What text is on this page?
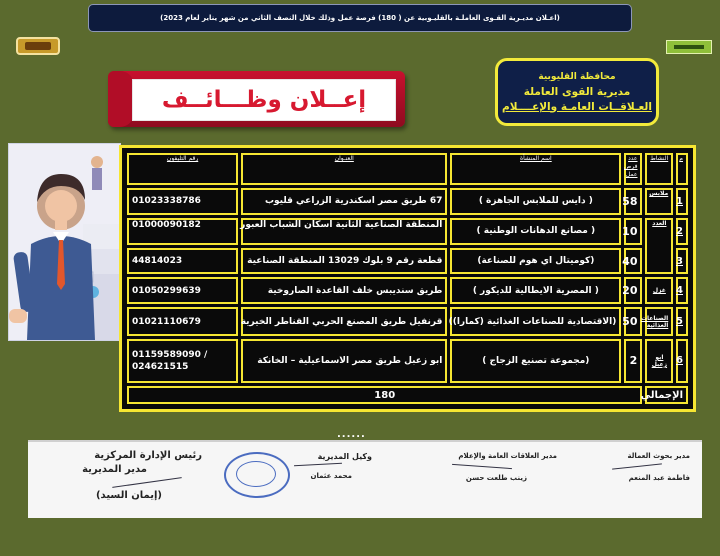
(اعـلان مديـرية القـوى العاملـة بالقليـوبية عن ( 180) فرصة عمل وذلك خلال النصف الثاني من شهر يناير لعام 2023)
محافظة القليوبية
مديرية القوى العاملة
العـلاقــات العامـة والإعــــلام
إعــلان وظـــائــف
م	النشاط	عدد فرص عمل	اسم المنشأة	العنـوان	رقم التليفون
1	ملابس	58	( دايس للملابس الجاهزة )	67 طريق مصر اسكندرية الزراعي قليوب	01023338786
2	العدد	10	( مصانع الدهانات الوطنية )	المنطقة الصناعية الثانية اسكان الشباب العبور	01000090182
3		40	(كوميتال اي هوم للصناعة)	قطعة رقم 9 بلوك 13029 المنطقة الصناعية	44814023
4	غزل	20	( المصرية الايطالية للديكور )	طريق سنديبس خلف القاعدة الصاروخية	01050299639
5	الصناعات الغذائية	50	(الاقتصادية للصناعات الغذائية (كمارا))	قرنفيل طريق المصنع الحربي القناطر الخيرية	01021110679
6	ابو زعبل	2	(مجموعة تصنيع الزجاج )	ابو زعبل طريق مصر الاسماعيلية – الخانكة	01159589090 /
024621515

الإجمالي		180			
......
مدير بحوث العمالة
فاطمة عبد المنعم
مدير العلاقات العامة والإعلام
زينب طلعت حسن
وكيل المديرية
محمد عثمان
رئيس الإدارة المركزية
مدير المديرية
(إيمان السيد)
